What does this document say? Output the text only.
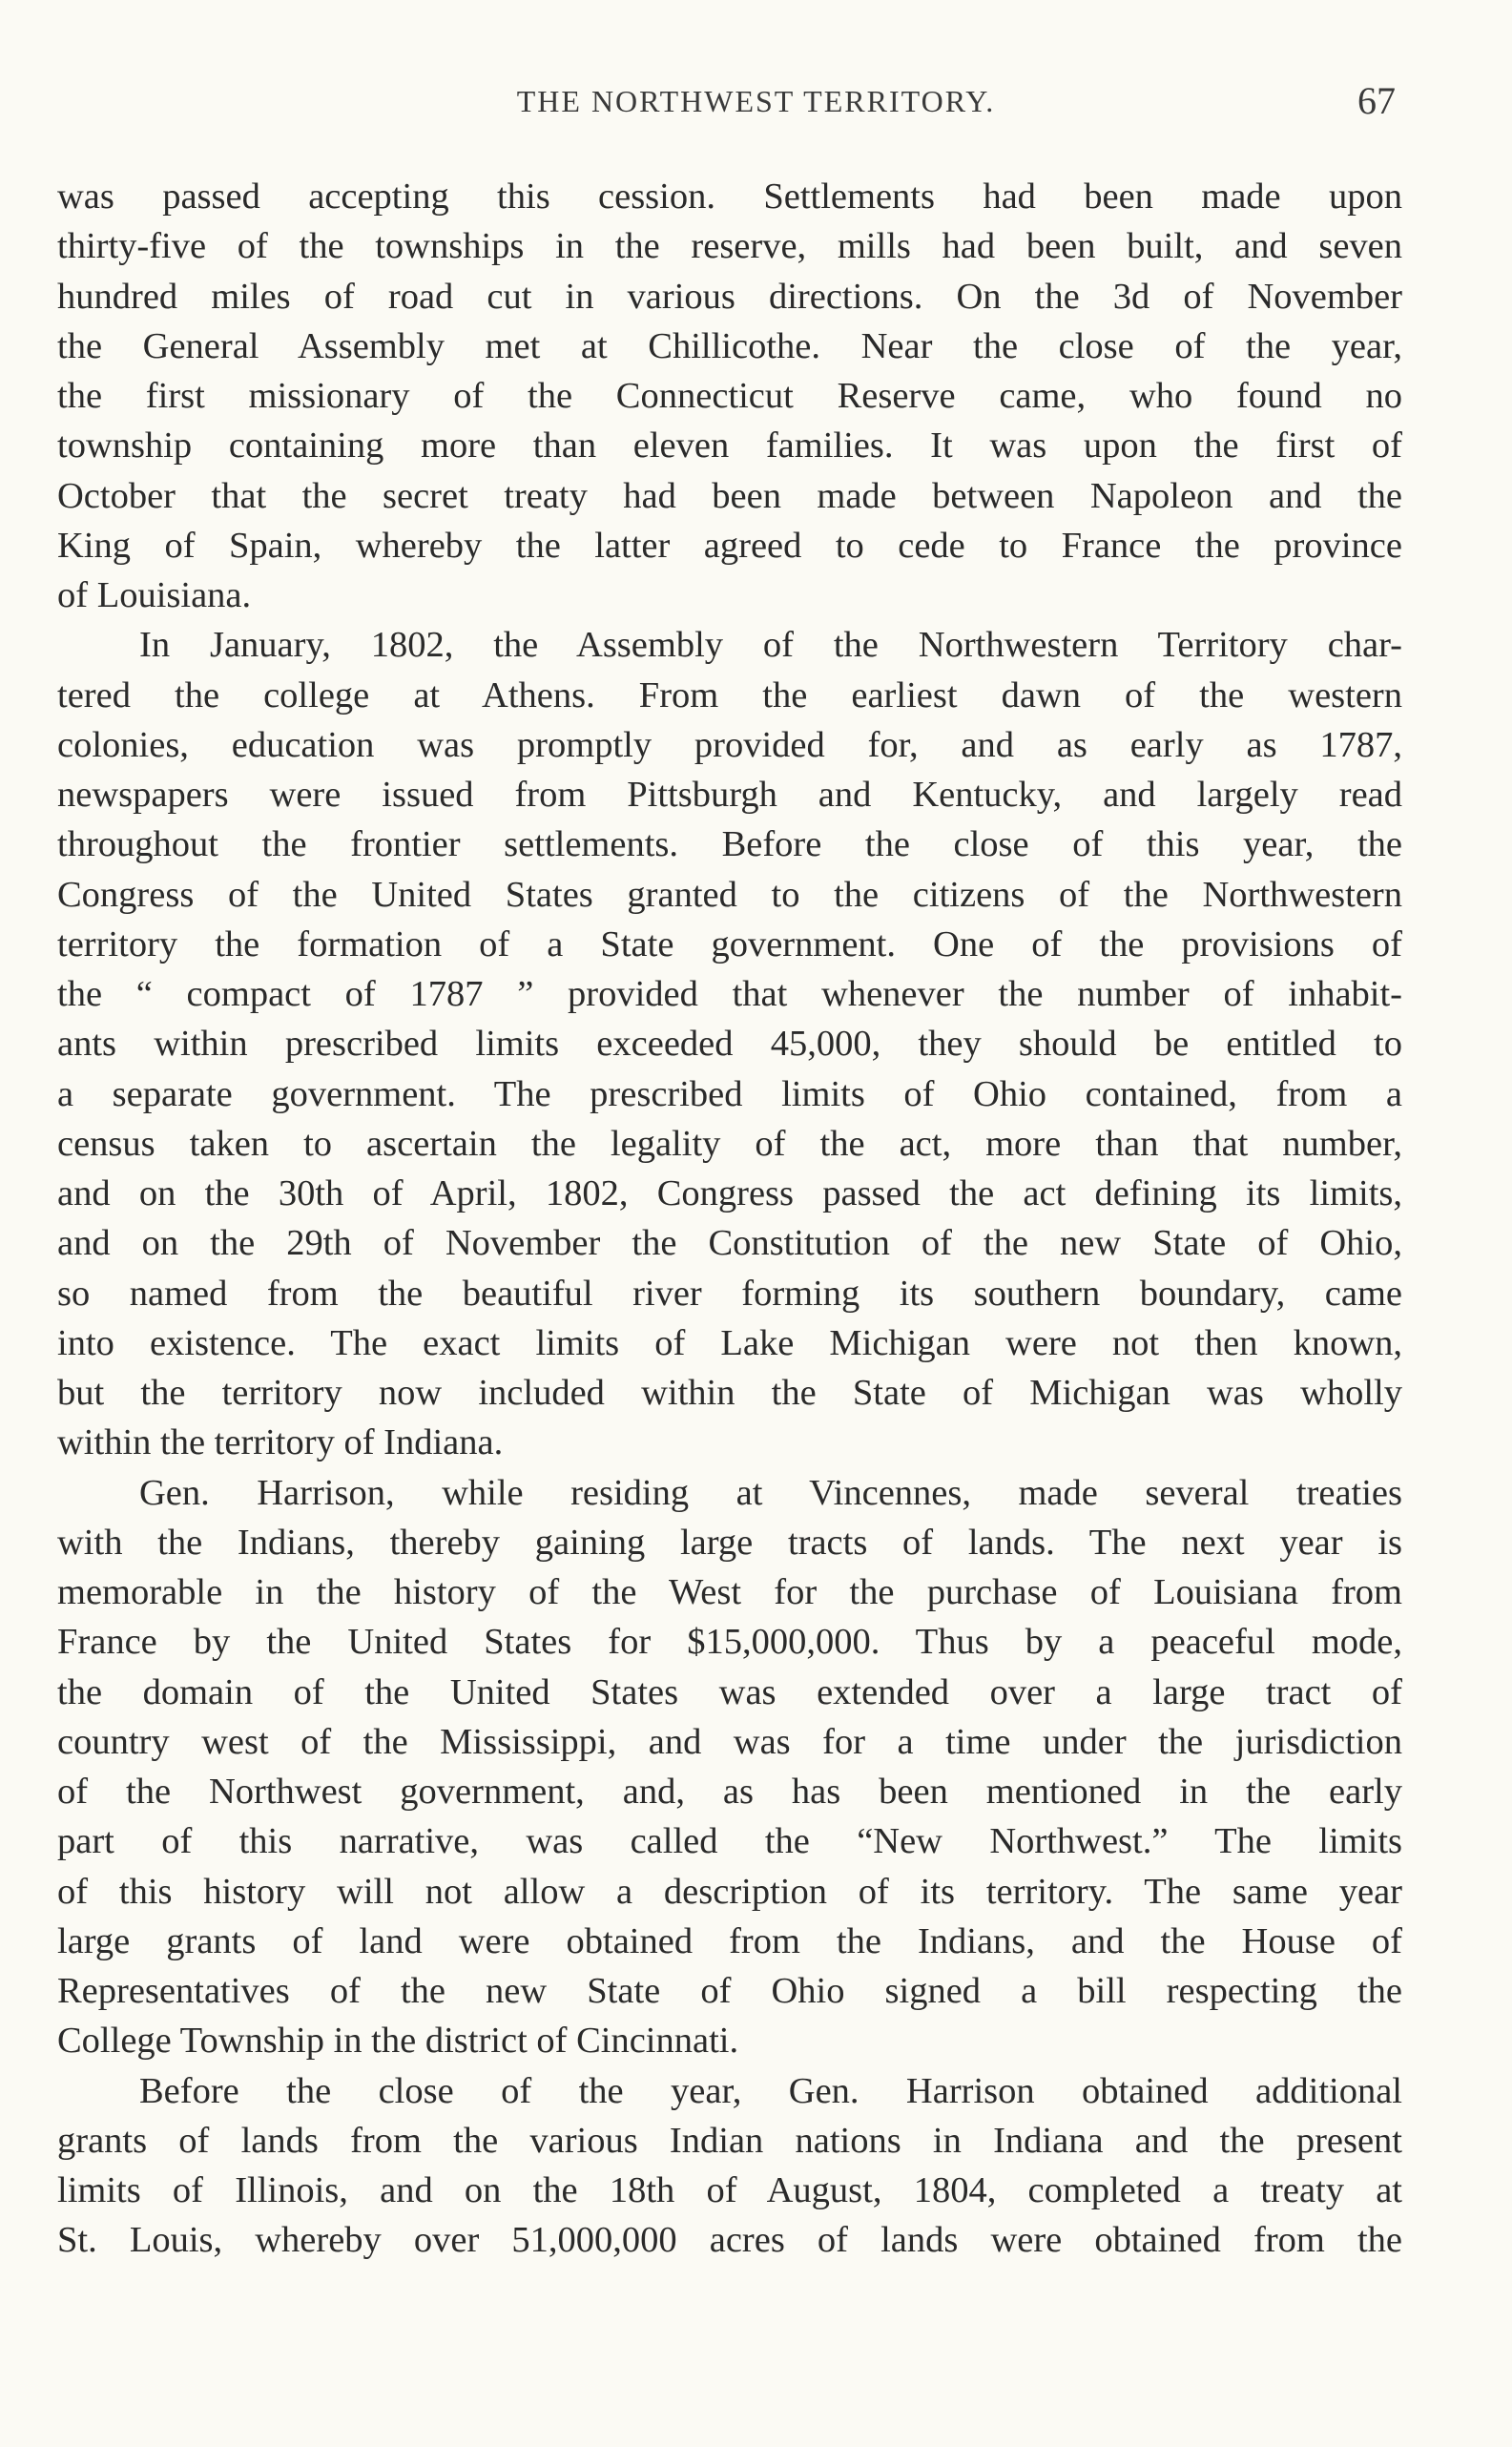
THE NORTHWEST TERRITORY.	67
was passed accepting this cession. Settlements had been made upon
thirty-five of the townships in the reserve, mills had been built, and seven
hundred miles of road cut in various directions. On the 3d of November
the General Assembly met at Chillicothe. Near the close of the year,
the first missionary of the Connecticut Reserve came, who found no
township containing more than eleven families. It was upon the first of
October that the secret treaty had been made between Napoleon and the
King of Spain, whereby the latter agreed to cede to France the province
of Louisiana.
In January, 1802, the Assembly of the Northwestern Territory char-
tered the college at Athens. From the earliest dawn of the western
colonies, education was promptly provided for, and as early as 1787,
newspapers were issued from Pittsburgh and Kentucky, and largely read
throughout the frontier settlements. Before the close of this year, the
Congress of the United States granted to the citizens of the Northwestern
territory the formation of a State government. One of the provisions of
the “ compact of 1787 ” provided that whenever the number of inhabit-
ants within prescribed limits exceeded 45,000, they should be entitled to
a separate government. The prescribed limits of Ohio contained, from a
census taken to ascertain the legality of the act, more than that number,
and on the 30th of April, 1802, Congress passed the act defining its limits,
and on the 29th of November the Constitution of the new State of Ohio,
so named from the beautiful river forming its southern boundary, came
into existence. The exact limits of Lake Michigan were not then known,
but the territory now included within the State of Michigan was wholly
within the territory of Indiana.
Gen. Harrison, while residing at Vincennes, made several treaties
with the Indians, thereby gaining large tracts of lands. The next year is
memorable in the history of the West for the purchase of Louisiana from
France by the United States for $15,000,000. Thus by a peaceful mode,
the domain of the United States was extended over a large tract of
country west of the Mississippi, and was for a time under the jurisdiction
of the Northwest government, and, as has been mentioned in the early
part of this narrative, was called the “New Northwest.” The limits
of this history will not allow a description of its territory. The same year
large grants of land were obtained from the Indians, and the House of
Representatives of the new State of Ohio signed a bill respecting the
College Township in the district of Cincinnati.
Before the close of the year, Gen. Harrison obtained additional
grants of lands from the various Indian nations in Indiana and the present
limits of Illinois, and on the 18th of August, 1804, completed a treaty at
St. Louis, whereby over 51,000,000 acres of lands were obtained from the
